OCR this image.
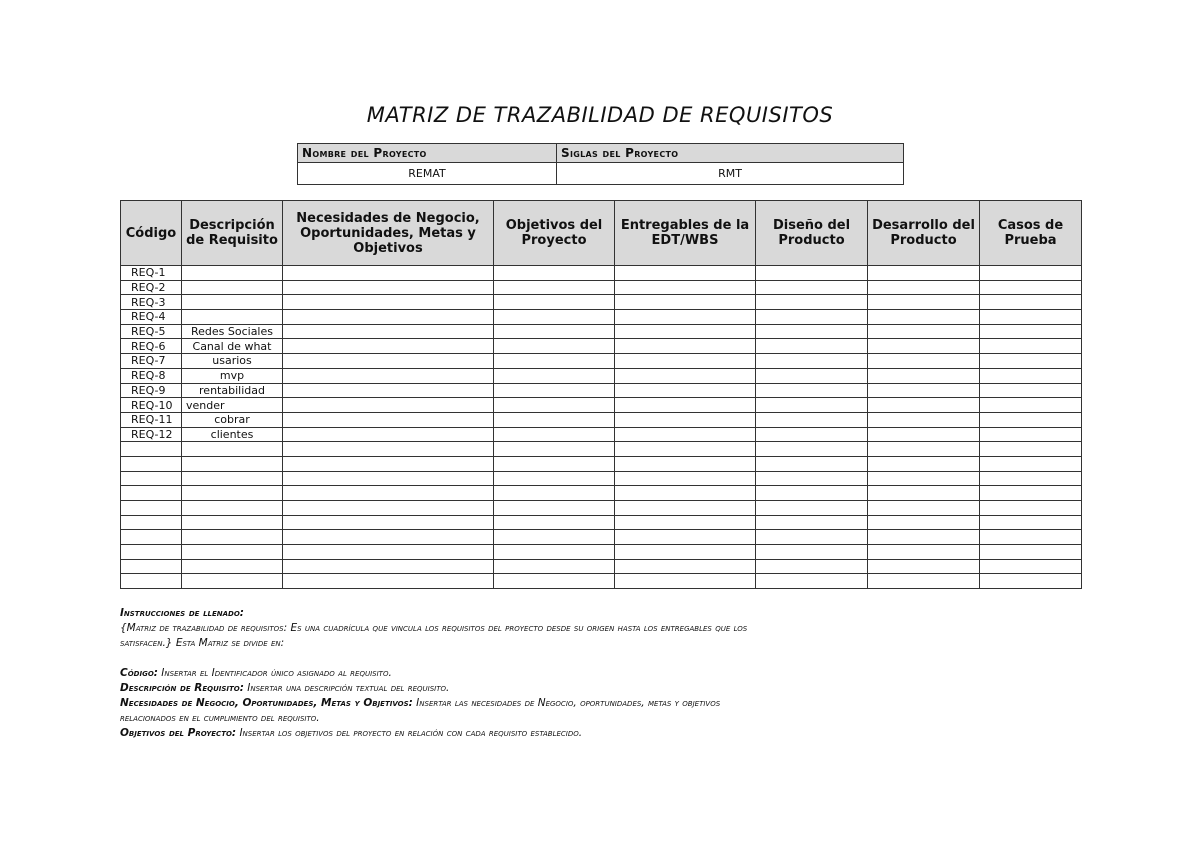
MATRIZ DE TRAZABILIDAD DE REQUISITOS
Nombre del Proyecto	Siglas del Proyecto
REMAT	RMT
Código	Descripción de Requisito	Necesidades de Negocio, Oportunidades, Metas y Objetivos	Objetivos del Proyecto	Entregables de la EDT/WBS	Diseño del Producto	Desarrollo del Producto	Casos de Prueba
REQ-1							
REQ-2							
REQ-3							
REQ-4							
REQ-5	Redes Sociales						
REQ-6	Canal de what						
REQ-7	usarios						
REQ-8	mvp						
REQ-9	rentabilidad						
REQ-10	vender						
REQ-11	cobrar						
REQ-12	clientes						

Instrucciones de llenado:

{Matriz de trazabilidad de requisitos: Es una cuadrícula que vincula los requisitos del proyecto desde su origen hasta los entregables que los

satisfacen.} Esta Matriz se divide en:

Código: Insertar el Identificador único asignado al requisito.

Descripción de Requisito: Insertar una descripción textual del requisito.

Necesidades de Negocio, Oportunidades, Metas y Objetivos: Insertar las necesidades de Negocio, oportunidades, metas y objetivos

relacionados en el cumplimiento del requisito.

Objetivos del Proyecto: Insertar los objetivos del proyecto en relación con cada requisito establecido.
